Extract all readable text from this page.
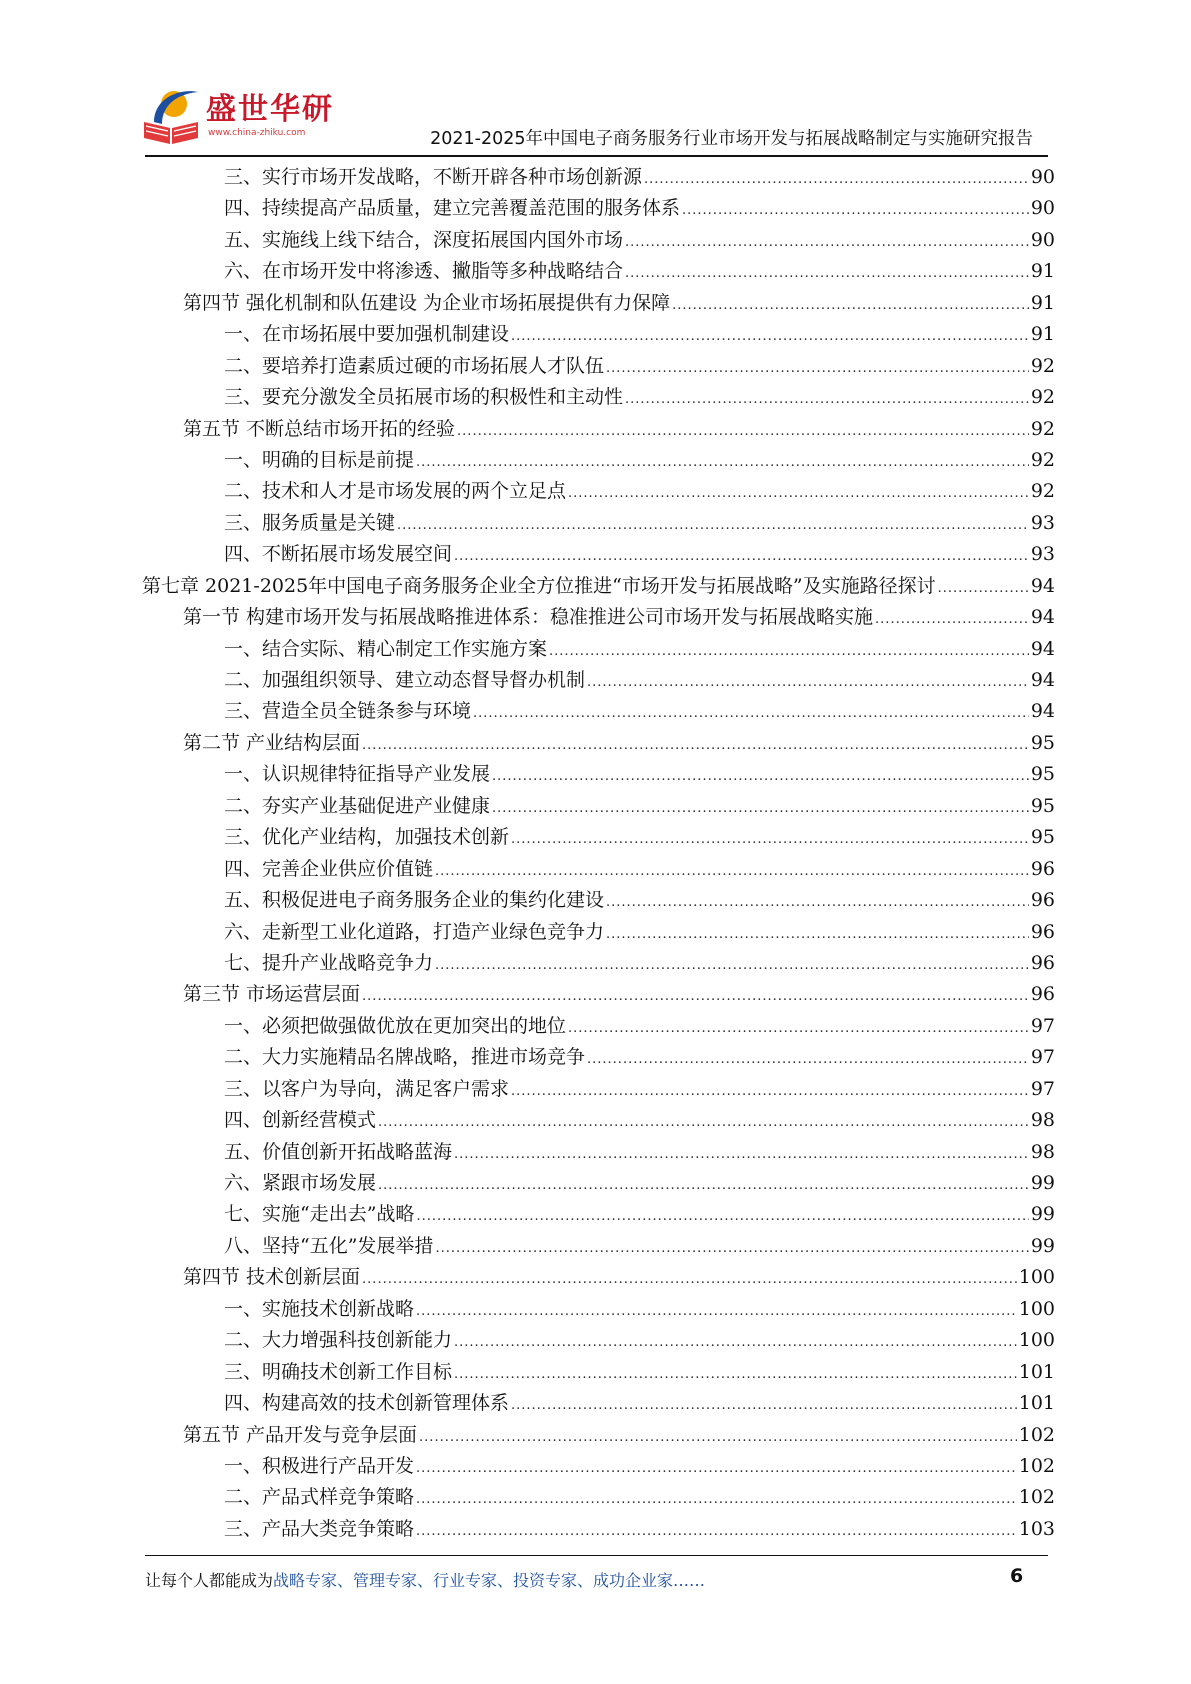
盛世华研
www.china-zhiku.com	2021-2025年中国电子商务服务行业市场开发与拓展战略制定与实施研究报告
三、实行市场开发战略，不断开辟各种市场创新源 .....	90
四、持续提高产品质量，建立完善覆盖范围的服务体系 .....	90
五、实施线上线下结合，深度拓展国内国外市场 .....	90
六、在市场开发中将渗透、撇脂等多种战略结合 .....	91
第四节 强化机制和队伍建设 为企业市场拓展提供有力保障 .....	91
一、在市场拓展中要加强机制建设 .....	91
二、要培养打造素质过硬的市场拓展人才队伍 .....	92
三、要充分激发全员拓展市场的积极性和主动性 .....	92
第五节 不断总结市场开拓的经验 .....	92
一、明确的目标是前提 .....	92
二、技术和人才是市场发展的两个立足点 .....	92
三、服务质量是关键 .....	93
四、不断拓展市场发展空间 .....	93
第七章 2021-2025年中国电子商务服务企业全方位推进“市场开发与拓展战略”及实施路径探讨 .....	94
第一节 构建市场开发与拓展战略推进体系：稳准推进公司市场开发与拓展战略实施 .....	94
一、结合实际、精心制定工作实施方案 .....	94
二、加强组织领导、建立动态督导督办机制 .....	94
三、营造全员全链条参与环境 .....	94
第二节 产业结构层面 .....	95
一、认识规律特征指导产业发展 .....	95
二、夯实产业基础促进产业健康 .....	95
三、优化产业结构，加强技术创新 .....	95
四、完善企业供应价值链 .....	96
五、积极促进电子商务服务企业的集约化建设 .....	96
六、走新型工业化道路，打造产业绿色竞争力 .....	96
七、提升产业战略竞争力 .....	96
第三节 市场运营层面 .....	96
一、必须把做强做优放在更加突出的地位 .....	97
二、大力实施精品名牌战略，推进市场竞争 .....	97
三、以客户为导向，满足客户需求 .....	97
四、创新经营模式 .....	98
五、价值创新开拓战略蓝海 .....	98
六、紧跟市场发展 .....	99
七、实施“走出去”战略 .....	99
八、坚持“五化”发展举措 .....	99
第四节 技术创新层面 .....	100
一、实施技术创新战略 .....	100
二、大力增强科技创新能力 .....	100
三、明确技术创新工作目标 .....	101
四、构建高效的技术创新管理体系 .....	101
第五节 产品开发与竞争层面 .....	102
一、积极进行产品开发 .....	102
二、产品式样竞争策略 .....	102
三、产品大类竞争策略 .....	103
让每个人都能成为战略专家、管理专家、行业专家、投资专家、成功企业家……	6
